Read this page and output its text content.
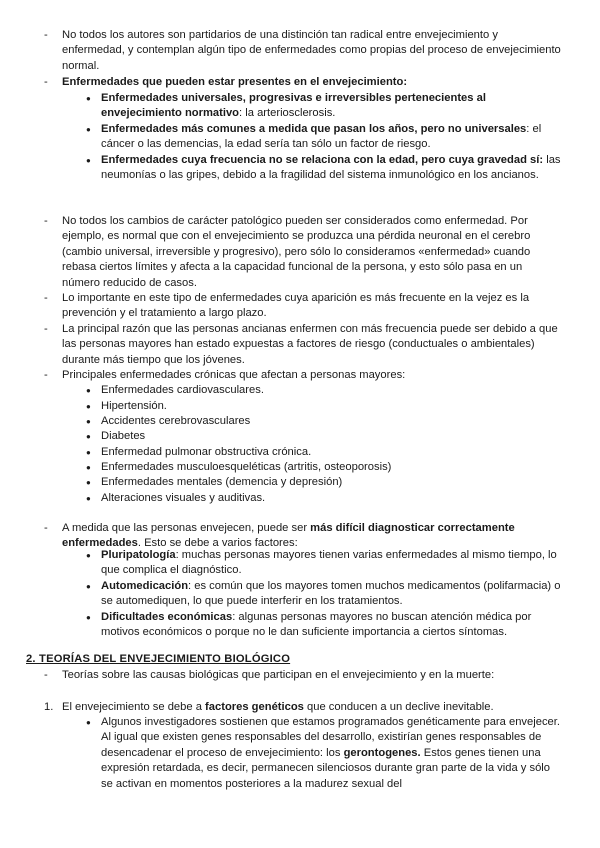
-	No todos los autores son partidarios de una distinción tan radical entre envejecimiento y enfermedad, y contemplan algún tipo de enfermedades como propias del proceso de envejecimiento normal.

-	Enfermedades que pueden estar presentes en el envejecimiento:

● Enfermedades universales, progresivas e irreversibles pertenecientes al envejecimiento normativo: la arteriosclerosis.

● Enfermedades más comunes a medida que pasan los años, pero no universales: el cáncer o las demencias, la edad sería tan sólo un factor de riesgo.

● Enfermedades cuya frecuencia no se relaciona con la edad, pero cuya gravedad sí: las neumonías o las gripes, debido a la fragilidad del sistema inmunológico en los ancianos.

-	No todos los cambios de carácter patológico pueden ser considerados como enfermedad. Por ejemplo, es normal que con el envejecimiento se produzca una pérdida neuronal en el cerebro (cambio universal, irreversible y progresivo), pero sólo lo consideramos «enfermedad» cuando rebasa ciertos límites y afecta a la capacidad funcional de la persona, y esto sólo pasa en un número reducido de casos.

-	Lo importante en este tipo de enfermedades cuya aparición es más frecuente en la vejez es la prevención y el tratamiento a largo plazo.

-	La principal razón que las personas ancianas enfermen con más frecuencia puede ser debido a que las personas mayores han estado expuestas a factores de riesgo (conductuales o ambientales) durante más tiempo que los jóvenes.

-	Principales enfermedades crónicas que afectan a personas mayores:

● Enfermedades cardiovasculares.

● Hipertensión.

● Accidentes cerebrovasculares

● Diabetes

● Enfermedad pulmonar obstructiva crónica.

● Enfermedades musculoesqueléticas (artritis, osteoporosis)

● Enfermedades mentales (demencia y depresión)

● Alteraciones visuales y auditivas.

-	A medida que las personas envejecen, puede ser más difícil diagnosticar correctamente enfermedades. Esto se debe a varios factores:

● Pluripatología: muchas personas mayores tienen varias enfermedades al mismo tiempo, lo que complica el diagnóstico.

● Automedicación: es común que los mayores tomen muchos medicamentos (polifarmacia) o se automediquen, lo que puede interferir en los tratamientos.

● Dificultades económicas: algunas personas mayores no buscan atención médica por motivos económicos o porque no le dan suficiente importancia a ciertos síntomas.

2. TEORÍAS DEL ENVEJECIMIENTO BIOLÓGICO
-	Teorías sobre las causas biológicas que participan en el envejecimiento y en la muerte:

1. El envejecimiento se debe a factores genéticos que conducen a un declive inevitable.

● Algunos investigadores sostienen que estamos programados genéticamente para envejecer. Al igual que existen genes responsables del desarrollo, existirían genes responsables de desencadenar el proceso de envejecimiento: los gerontogenes. Estos genes tienen una expresión retardada, es decir, permanecen silenciosos durante gran parte de la vida y sólo se activan en momentos posteriores a la madurez sexual del
